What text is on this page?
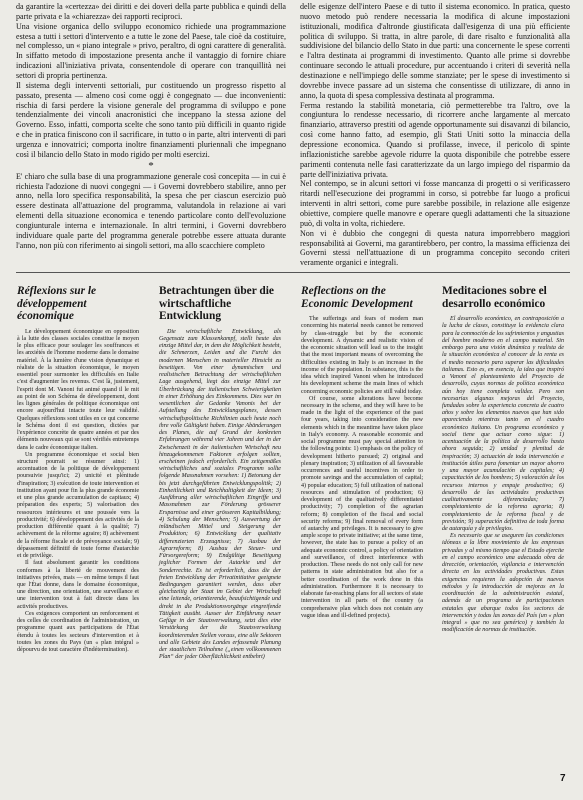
da garantire la «certezza» dei diritti e dei doveri della parte pubblica e quindi della parte privata e la «chiarezza» dei rapporti reciproci.

Una visione organica dello sviluppo economico richiede una programmazione estesa a tutti i settori d'intervento e a tutte le zone del Paese, tale cioè da costituire, nel complesso, un « piano integrale » privo, peraltro, di ogni carattere di generalità. In siffatto metodo di impostazione presenta anche il vantaggio di fornire chiare indicazioni all'iniziativa privata, consentendole di operare con tranquillità nei settori di propria pertinenza.

Il sistema degli interventi settoriali, pur costituendo un progresso rispetto al passato, presenta — almeno così come oggi è congegnato — due inconvenienti: rischia di farsi perdere la visione generale del programma di sviluppo e pone tendenzialmente dei vincoli anacronistici che inceppano la stessa azione del Governo. Esso, infatti, comporta scelte che sono tanto più difficili in quanto rigide e che in pratica finiscono con il sacrificare, in tutto o in parte, altri interventi di pari urgenza e innovatrici; comporta inoltre finanziamenti pluriennali che impegnano così il bilancio dello Stato in modo rigido per molti esercizi.

*

E' chiaro che sulla base di una programmazione generale così concepita — in cui è richiesta l'adozione di nuovi congegni — i Governi dovrebbero stabilire, anno per anno, nella loro specifica responsabilità, la spesa che per ciascun esercizio può essere destinata all'attuazione del programma, valutandola in relazione ai vari elementi della situazione economica e tenendo particolare conto dell'evoluzione congiunturale interna e internazionale. In altri termini, i Governi dovrebbero individuare quale parte del programma generale potrebbe essere attuata durante l'anno, non più con riferimento ai singoli settori, ma allo scacchiere completo

delle esigenze dell'intero Paese e di tutto il sistema economico. In pratica, questo nuovo metodo può rendere necessaria la modifica di alcune impostazioni istituzionali, modifica d'altronde giustificata dall'esigenza di una più efficiente politica di sviluppo. Si tratta, in altre parole, di dare risalto e funzionalità alla suddivisione del bilancio dello Stato in due parti: una concernente le spese correnti e l'altra destinata ai programmi di investimento. Quanto alle prime si dovrebbe continuare secondo le attuali procedure, pur accentuando i criteri di severità nella destinazione e nell'impiego delle somme stanziate; per le spese di investimento si dovrebbe invece passare ad un sistema che consentisse di utilizzare, di anno in anno, la quota di spesa complessiva destinata al programma.

Ferma restando la stabilità monetaria, ciò permetterebbe tra l'altro, ove la congiuntura lo rendesse necessario, di ricorrere anche largamente al mercato finanziario, attraverso prestiti od agende opportunamente sui disavanzi di bilancio, così come hanno fatto, ad esempio, gli Stati Uniti sotto la minaccia della depressione economica. Quando si profilasse, invece, il pericolo di spinte inflazionistiche sarebbe agevole ridurre la quota disponibile che potrebbe essere parimenti contenuta nelle fasi caratterizzate da un largo impiego del risparmio da parte dell'iniziativa privata.

Nel contempo, se in alcuni settori vi fosse mancanza di progetti o si verificassero ritardi nell'esecuzione dei programmi in corso, si potrebbe far luogo a proficui interventi in altri settori, come pure sarebbe possibile, in relazione alle esigenze obiettive, compiere quelle manovre e operare quegli adattamenti che la situazione può, di volta in volta, richiedere.

Non vi è dubbio che congegni di questa natura imporrebbero maggiori responsabilità ai Governi, ma garantirebbero, per contro, la massima efficienza dei Governi stessi nell'attuazione di un programma concepito secondo criteri veramente organici e integrali.

Réflexions sur le développement économique

Le développement économique en opposition à la lutte des classes sociales constitue le moyen le plus efficace pour soulager les souffrances et les anxiétés de l'homme moderne dans le domaine matériel. À la lumière d'une vision dynamique et réaliste de la situation économique, le moyen essentiel pour surmonter les difficultés en Italie c'est d'augmenter les revenus. C'est là, justement, l'esprit dont M. Vanoni fut animé quand il le mit au point de son Schéma de développement, dont les lignes générales de politique économique ont encore aujourd'hui intacte toute leur validité. Quelques réflexions sont utiles en ce qui concerne le Schéma dont il est question, dictées par l'expérience concrète de quatre années et par des éléments nouveaux qui se sont vérifiés entretemps dans le cadre économique italien.

Un programme économique et social bien structuré pourrait se résumer ainsi: 1) accentuation de la politique de développement poursuivie jusqu'ici; 2) unicité et plénitude d'inspiration; 3) exécution de toute intervention et institution ayant pour fin la plus grande économie et une plus grande accumulation de capitaux; 4) préparation des experts; 5) valorisation des ressources intérieures et une poussée vers la productivité; 6) développement des activités de la production différentié quant à la qualité; 7) achèvement de la réforme agraire; 8) achèvement de la réforme fiscale et de prévoyance sociale; 9) dépassement définitif de toute forme d'autarchie et de privilège.

Il faut absolument garantir les conditions conformes à la liberté de mouvement des initiatives privées, mais — en même temps il faut que l'État donne, dans le domaine économique, une direction, une orientation, une surveillance et une intervention tout à fait directe dans les activités productives.

Ces exigences comportent un renforcement et des celles de coordination de l'administration, un programme quant aux participations de l'État étendu à toutes les secteurs d'intervention et à toutes les zones du Pays (un « plan intégral » dépourvu de tout caractère d'indétermination).

Betrachtungen über die wirtschaftliche Entwicklung

Die wirtschaftliche Entwicklung, als Gegensatz zum Klassenkampf, stellt heute das einzige Mittel dar, in dem die Möglichkeit besteht, die Schmerzen, Leiden und die Furcht des modernen Menschen in materieller Hinsicht zu beseitigen. Von einer dynamischen und realistischen Betrachtung der wirtschaftlichen Lage ausgehend, liegt das einzige Mittel zur Überbrückung der italienischen Schwierigkeiten in einer Erhöhung des Einkommens. Dies war im wesentlichen der Gedanke Vanonis bei der Aufstellung des Entwicklungsplanes, dessen wirtschaftspolitische Richtlinien auch heute noch ihre volle Gültigkeit haben. Einige Abänderungen des Planes, die auf Grund der konkreten Erfahrungen während vier Jahren und der in der Zwischenzeit in der italienischen Wirtschaft neu hinzugekommenen Faktoren erfolgen sollten, erscheinen jedoch erforderlich. Ein zeitgemäßes wirtschaftliches und soziales Programm sollte folgende Massnahmen vorsehen: 1) Betonung der bis jetzt durchgeführten Entwicklungspolitik; 2) Einheitlichkeit und Reichhaltigkeit der Ideen; 3) Ausführung aller wirtschaftlichen Eingriffe und Massnahmen zur Förderung grösserer Ersparnisse und einer grösseren Kapitalbildung; 4) Schulung der Menschen; 5) Auswertung der inländischen Mittel und Steigerung der Produktion; 6) Entwicklung der qualitativ differenzierten Erzeugnisse; 7) Ausbau der Agrarreform; 8) Ausbau der Steuer- und Fürsorgereform; 9) Endgültige Beseitigung jeglicher Formen der Autarkie und der Sonderrechte. Es ist erforderlich, dass die der freien Entwicklung der Privatinitiative geeignete Bedingungen garantiert werden, dass aber gleichzeitig der Staat im Gebiet der Wirtschaft eine leitende, orientierende, beaufsichtigende und direkt in die Produktionsvorgänge eingreifende Tätigkeit ausübt. Ausser der Einführung neuer Gefüge in der Staatsverwaltung, setzt dies eine Verstärkung der die Staatsverwaltung koordinierenden Stellen voraus, eine alle Sektoren und alle Gebiete des Landes erfassende Planung der staatlichen Teilnahme („einen vollkommenen Plan“ der jeder Oberflächlichkeit entbehrt)

Reflections on the Economic Development

The sufferings and fears of modern man concerning his material needs cannot be removed by class-struggle but by the economic development. A dynamic and realistic vision of the economic situation will lead us to the insight that the most important means of overcoming the difficulties existing in Italy is an increase in the income of the population. In substance, this is the idea which inspired Vanoni when he introduced his development scheme the main lines of which concerning economic policies are still valid today.

Of course, some alterations have become necessary in the scheme, and they will have to be made in the light of the experience of the past four years, taking into consideration the new elements which in the meantime have taken place in Italy's economy. A reasonable economic and social programme must pay special attention to the following points: 1) emphasis on the policy of development hitherto pursued; 2) original and plenary inspiration; 3) utilization of all favourable occurrences and useful incentives in order to promote savings and the accumulation of capital; 4) popular education; 5) full utilization of national resources and stimulation of production; 6) development of the qualitatively differentiated productivity; 7) completion of the agrarian reform; 8) completion of the fiscal and social security reforms; 9) final removal of every form of autarchy and privileges. It is necessary to give ample scope to private initiative; at the same time, however, the state has to pursue a policy of an adequate economic control, a policy of orientation and surveillance, of direct interference with production. These needs do not only call for new patterns in state administration but also for a better coordination of the work done in this administration. Furthermore it is necessary to elaborate far-reaching plans for all sectors of state intervention in all parts of the country (a comprehensive plan which does not contain any vague ideas and ill-defined projects).

Meditaciones sobre el desarrollo económico

El desarrollo económico, en contraposición a la lucha de clases, constituye la evidencia clara para la conmoción de los sufrimientos y angustias del hombre moderno en el campo material. Sin embargo para una visión dinámica y realista de la situación económica el conocer de la renta es el medio necesario para superar las dificultades italianas. Esto es, en esencia, la idea que inspiró a Vanoni el planteamiento del Proyecto de desarrollo, cuyas normas de política económica aún hoy tiene completa validez. Pero son necesarias algunas mejoras del Proyecto, fundadas sobre la experiencia concreta de cuatro años y sobre los elementos nuevos que han sido apareciendo mientras tanto en el cuadro económico italiano. Un programa económico y social tiene que actuar como sigue: 1) acentuación de la política de desarrollo hasta ahora seguida; 2) unidad y plenitud de inspiración; 3) actuación de toda intervención e institución útiles para fomentar un mayor ahorro y una mayor acumulación de capitales; 4) capacitación de los hombres; 5) valoración de los recursos internos y empuje productivo; 6) desarrollo de las actividades productivas cualitativamente diferenciadas; 7) completamiento de la reforma agraria; 8) completamiento de la reforma fiscal y de previsión; 9) superación definitiva de toda forma de autarquía y de privilegios.

Es necesario que se aseguren las condiciones idóneas a la libre movimiento de las empresas privadas y al mismo tiempo que el Estado ejercite en el campo económico una adecuada obra de dirección, orientación, vigilancia e intervención directa en las actividades productivas. Estas exigencias requieren la adopción de nuevos métodos y la introducción de mejoras en la coordinación de la administración estatal, además de un programa de participaciones estatales que abarque todos los sectores de intervención y todas las zonas del País (un « plan integral » que no sea genérico) y también la modificación de normas de institución.

7
